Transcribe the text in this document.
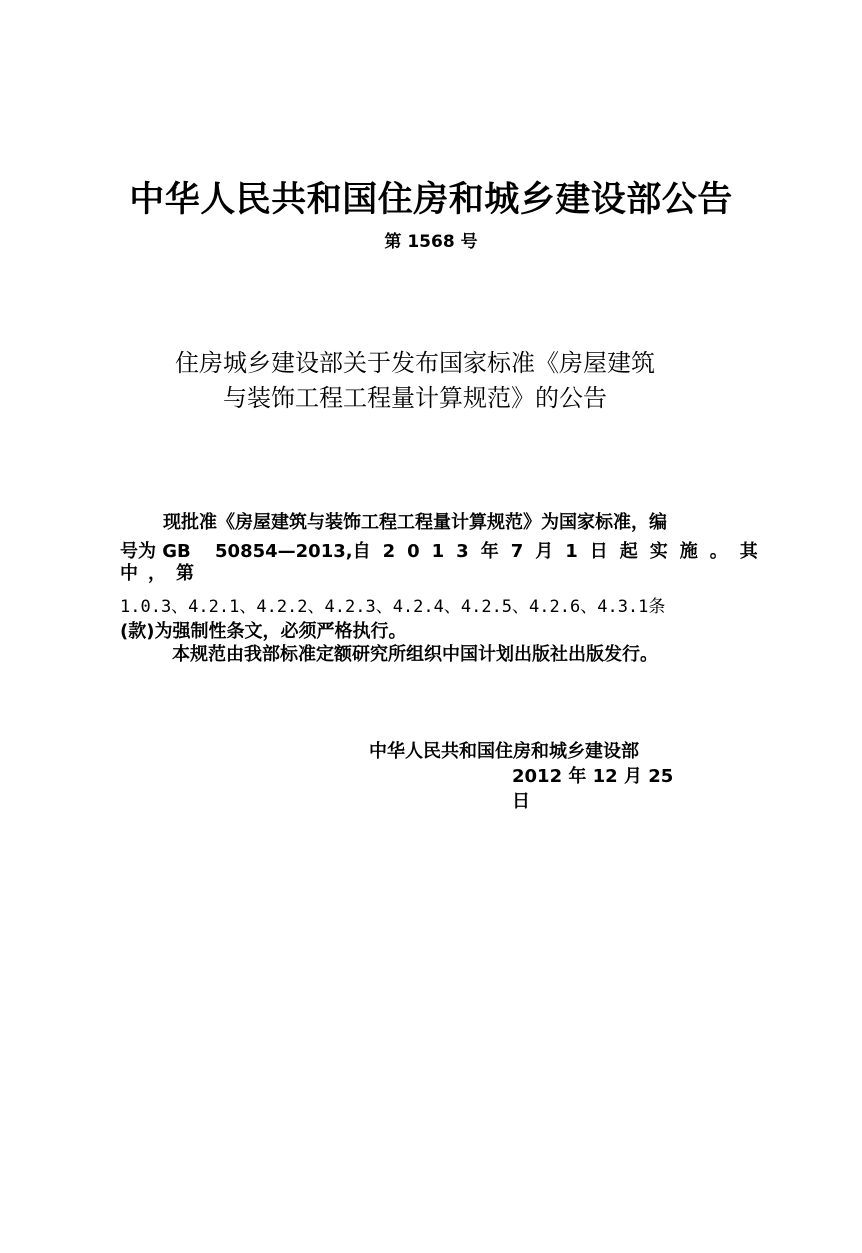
中华人民共和国住房和城乡建设部公告
第 1568 号
住房城乡建设部关于发布国家标准《房屋建筑
与装饰工程工程量计算规范》的公告
现批准《房屋建筑与装饰工程工程量计算规范》为国家标准，编
号为 GB　 50854—2013,自2013年7月1日起实施。其
中，第
1.0.3、4.2.1、4.2.2、4.2.3、4.2.4、4.2.5、4.2.6、4.3.1条
(款)为强制性条文，必须严格执行。
本规范由我部标准定额研究所组织中国计划出版社出版发行。
中华人民共和国住房和城乡建设部
2012 年 12 月 25
日
